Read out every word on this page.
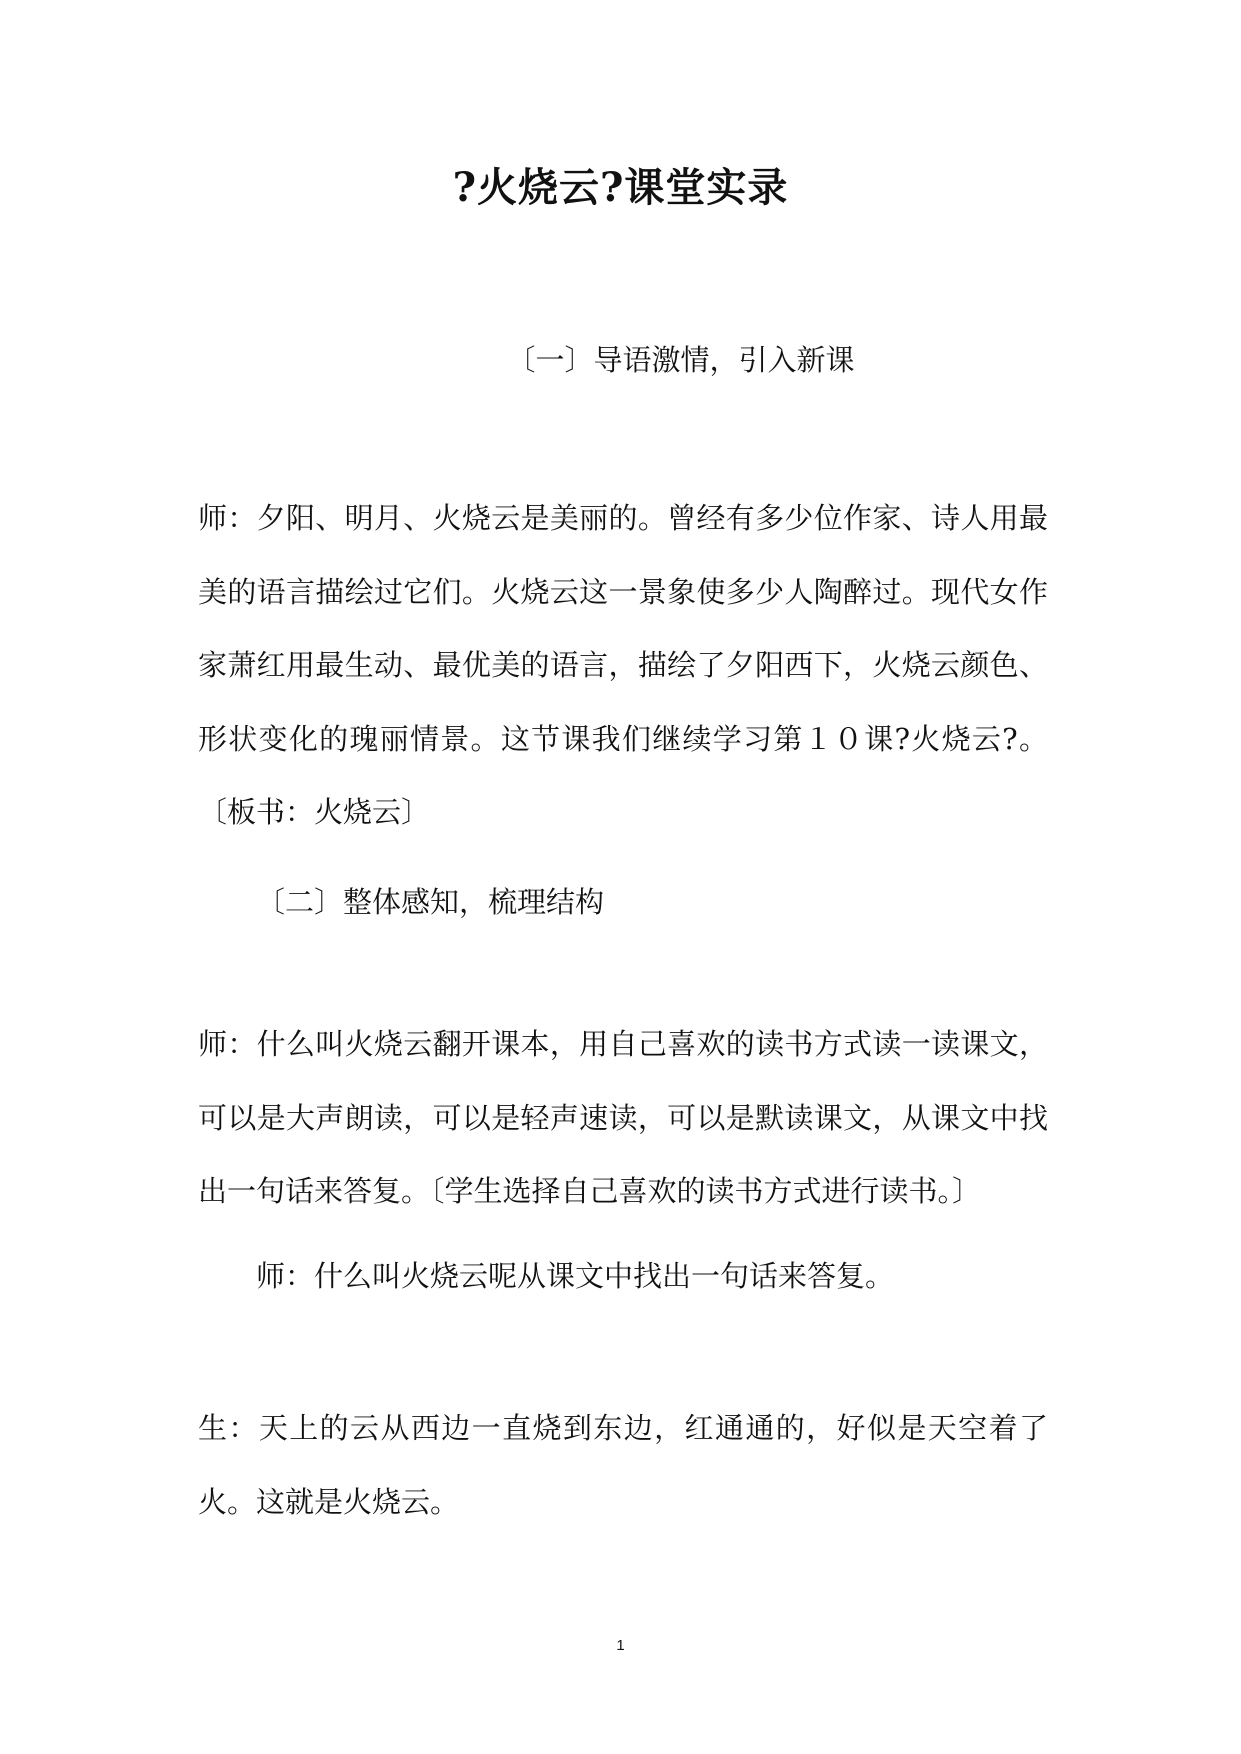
?火烧云?课堂实录
〔一〕导语激情，引入新课
师：夕阳、明月、火烧云是美丽的。曾经有多少位作家、诗人用最美的语言描绘过它们。火烧云这一景象使多少人陶醉过。现代女作家萧红用最生动、最优美的语言，描绘了夕阳西下，火烧云颜色、形状变化的瑰丽情景。这节课我们继续学习第１０课?火烧云?。〔板书：火烧云〕
〔二〕整体感知，梳理结构
师：什么叫火烧云翻开课本，用自己喜欢的读书方式读一读课文，可以是大声朗读，可以是轻声速读，可以是默读课文，从课文中找出一句话来答复。〔学生选择自己喜欢的读书方式进行读书。〕
师：什么叫火烧云呢从课文中找出一句话来答复。
生：天上的云从西边一直烧到东边，红通通的，好似是天空着了火。这就是火烧云。
1
